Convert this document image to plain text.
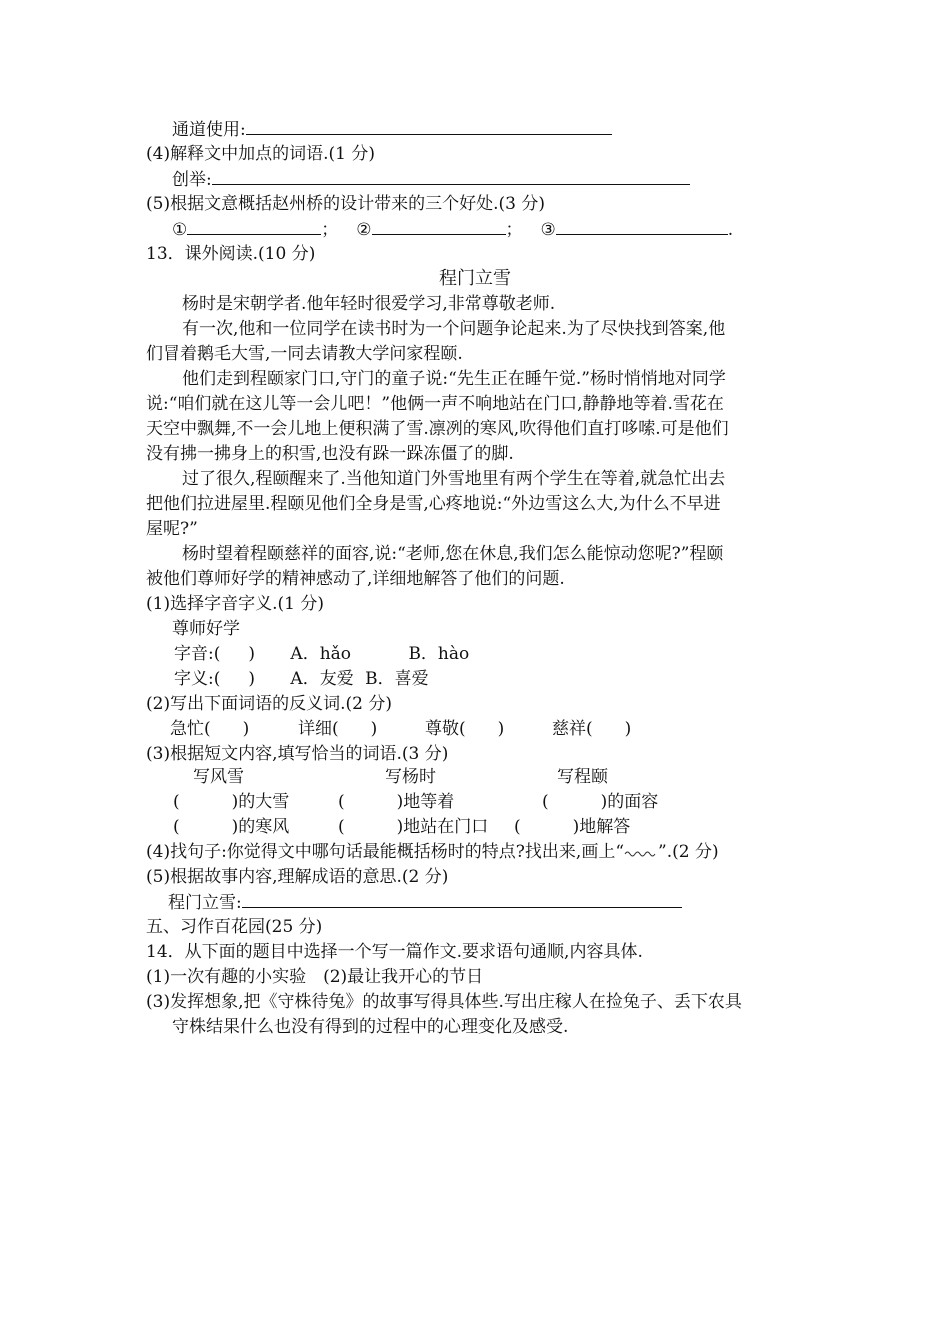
通道使用:
(4)解释文中加点的词语.(1 分)
创举:
(5)根据文意概括赵州桥的设计带来的三个好处.(3 分)
①	； ②	； ③	.
13．课外阅读.(10 分)
程门立雪
杨时是宋朝学者.他年轻时很爱学习,非常尊敬老师.
有一次,他和一位同学在读书时为一个问题争论起来.为了尽快找到答案,他
们冒着鹅毛大雪,一同去请教大学问家程颐.
他们走到程颐家门口,守门的童子说:“先生正在睡午觉.”杨时悄悄地对同学
说:“咱们就在这儿等一会儿吧！”他俩一声不响地站在门口,静静地等着.雪花在
天空中飘舞,不一会儿地上便积满了雪.凛冽的寒风,吹得他们直打哆嗦.可是他们
没有拂一拂身上的积雪,也没有跺一跺冻僵了的脚.
过了很久,程颐醒来了.当他知道门外雪地里有两个学生在等着,就急忙出去
把他们拉进屋里.程颐见他们全身是雪,心疼地说:“外边雪这么大,为什么不早进
屋呢?”
杨时望着程颐慈祥的面容,说:“老师,您在休息,我们怎么能惊动您呢?”程颐
被他们尊师好学的精神感动了,详细地解答了他们的问题.
(1)选择字音字义.(1 分)
尊师好学
字音:( ) A．hǎo	B．hào
字义:( ) A．友爱 B．喜爱
(2)写出下面词语的反义词.(2 分)
急忙( )	详细( )	尊敬( )	慈祥( )
(3)根据短文内容,填写恰当的词语.(3 分)
写风雪	写杨时	写程颐
(	)的大雪	(	)地等着	(	)的面容
(	)的寒风	(	)地站在门口 (	)地解答
(4)找句子:你觉得文中哪句话最能概括杨时的特点?找出来,画上“ ”.(2 分)
(5)根据故事内容,理解成语的意思.(2 分)
程门立雪:
五、习作百花园(25 分)
14．从下面的题目中选择一个写一篇作文.要求语句通顺,内容具体.
(1)一次有趣的小实验　(2)最让我开心的节日
(3)发挥想象,把《守株待兔》的故事写得具体些.写出庄稼人在捡兔子、丢下农具
守株结果什么也没有得到的过程中的心理变化及感受.
